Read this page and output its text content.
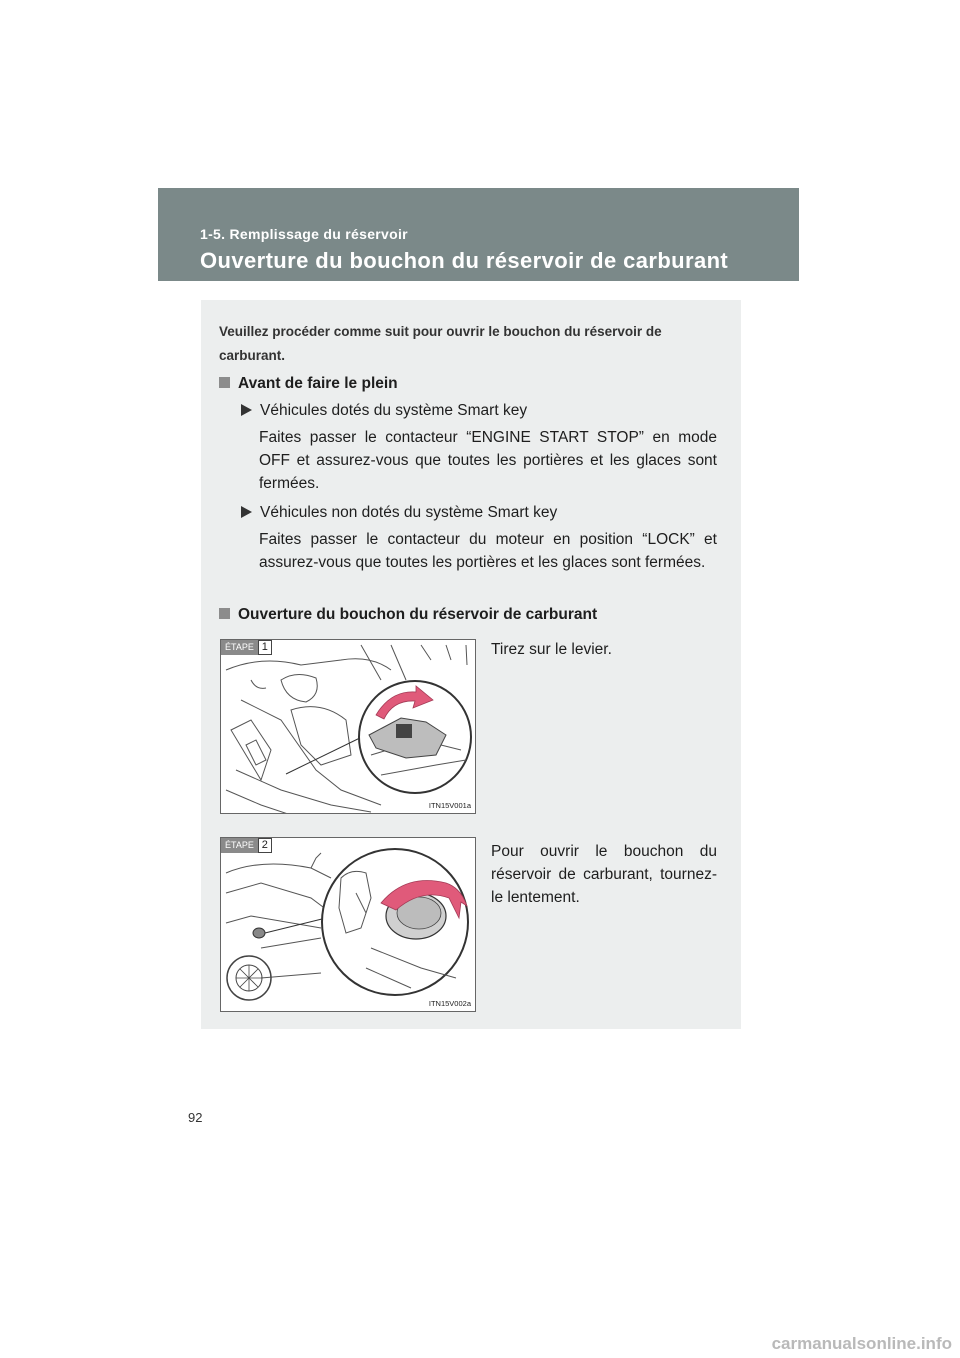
1-5. Remplissage du réservoir
Ouverture du bouchon du réservoir de carburant
Veuillez procéder comme suit pour ouvrir le bouchon du réservoir de carburant.
Avant de faire le plein
Véhicules dotés du système Smart key
Faites passer le contacteur “ENGINE START STOP” en mode OFF et assurez-vous que toutes les portières et les glaces sont fermées.
Véhicules non dotés du système Smart key
Faites passer le contacteur du moteur en position “LOCK” et assurez-vous que toutes les portières et les glaces sont fermées.
Ouverture du bouchon du réservoir de carburant
ÉTAPE 1
ITN15V001a
Tirez sur le levier.
ÉTAPE 2
ITN15V002a
Pour ouvrir le bouchon du réservoir de carburant, tournez-le lentement.
92
carmanualsonline.info
